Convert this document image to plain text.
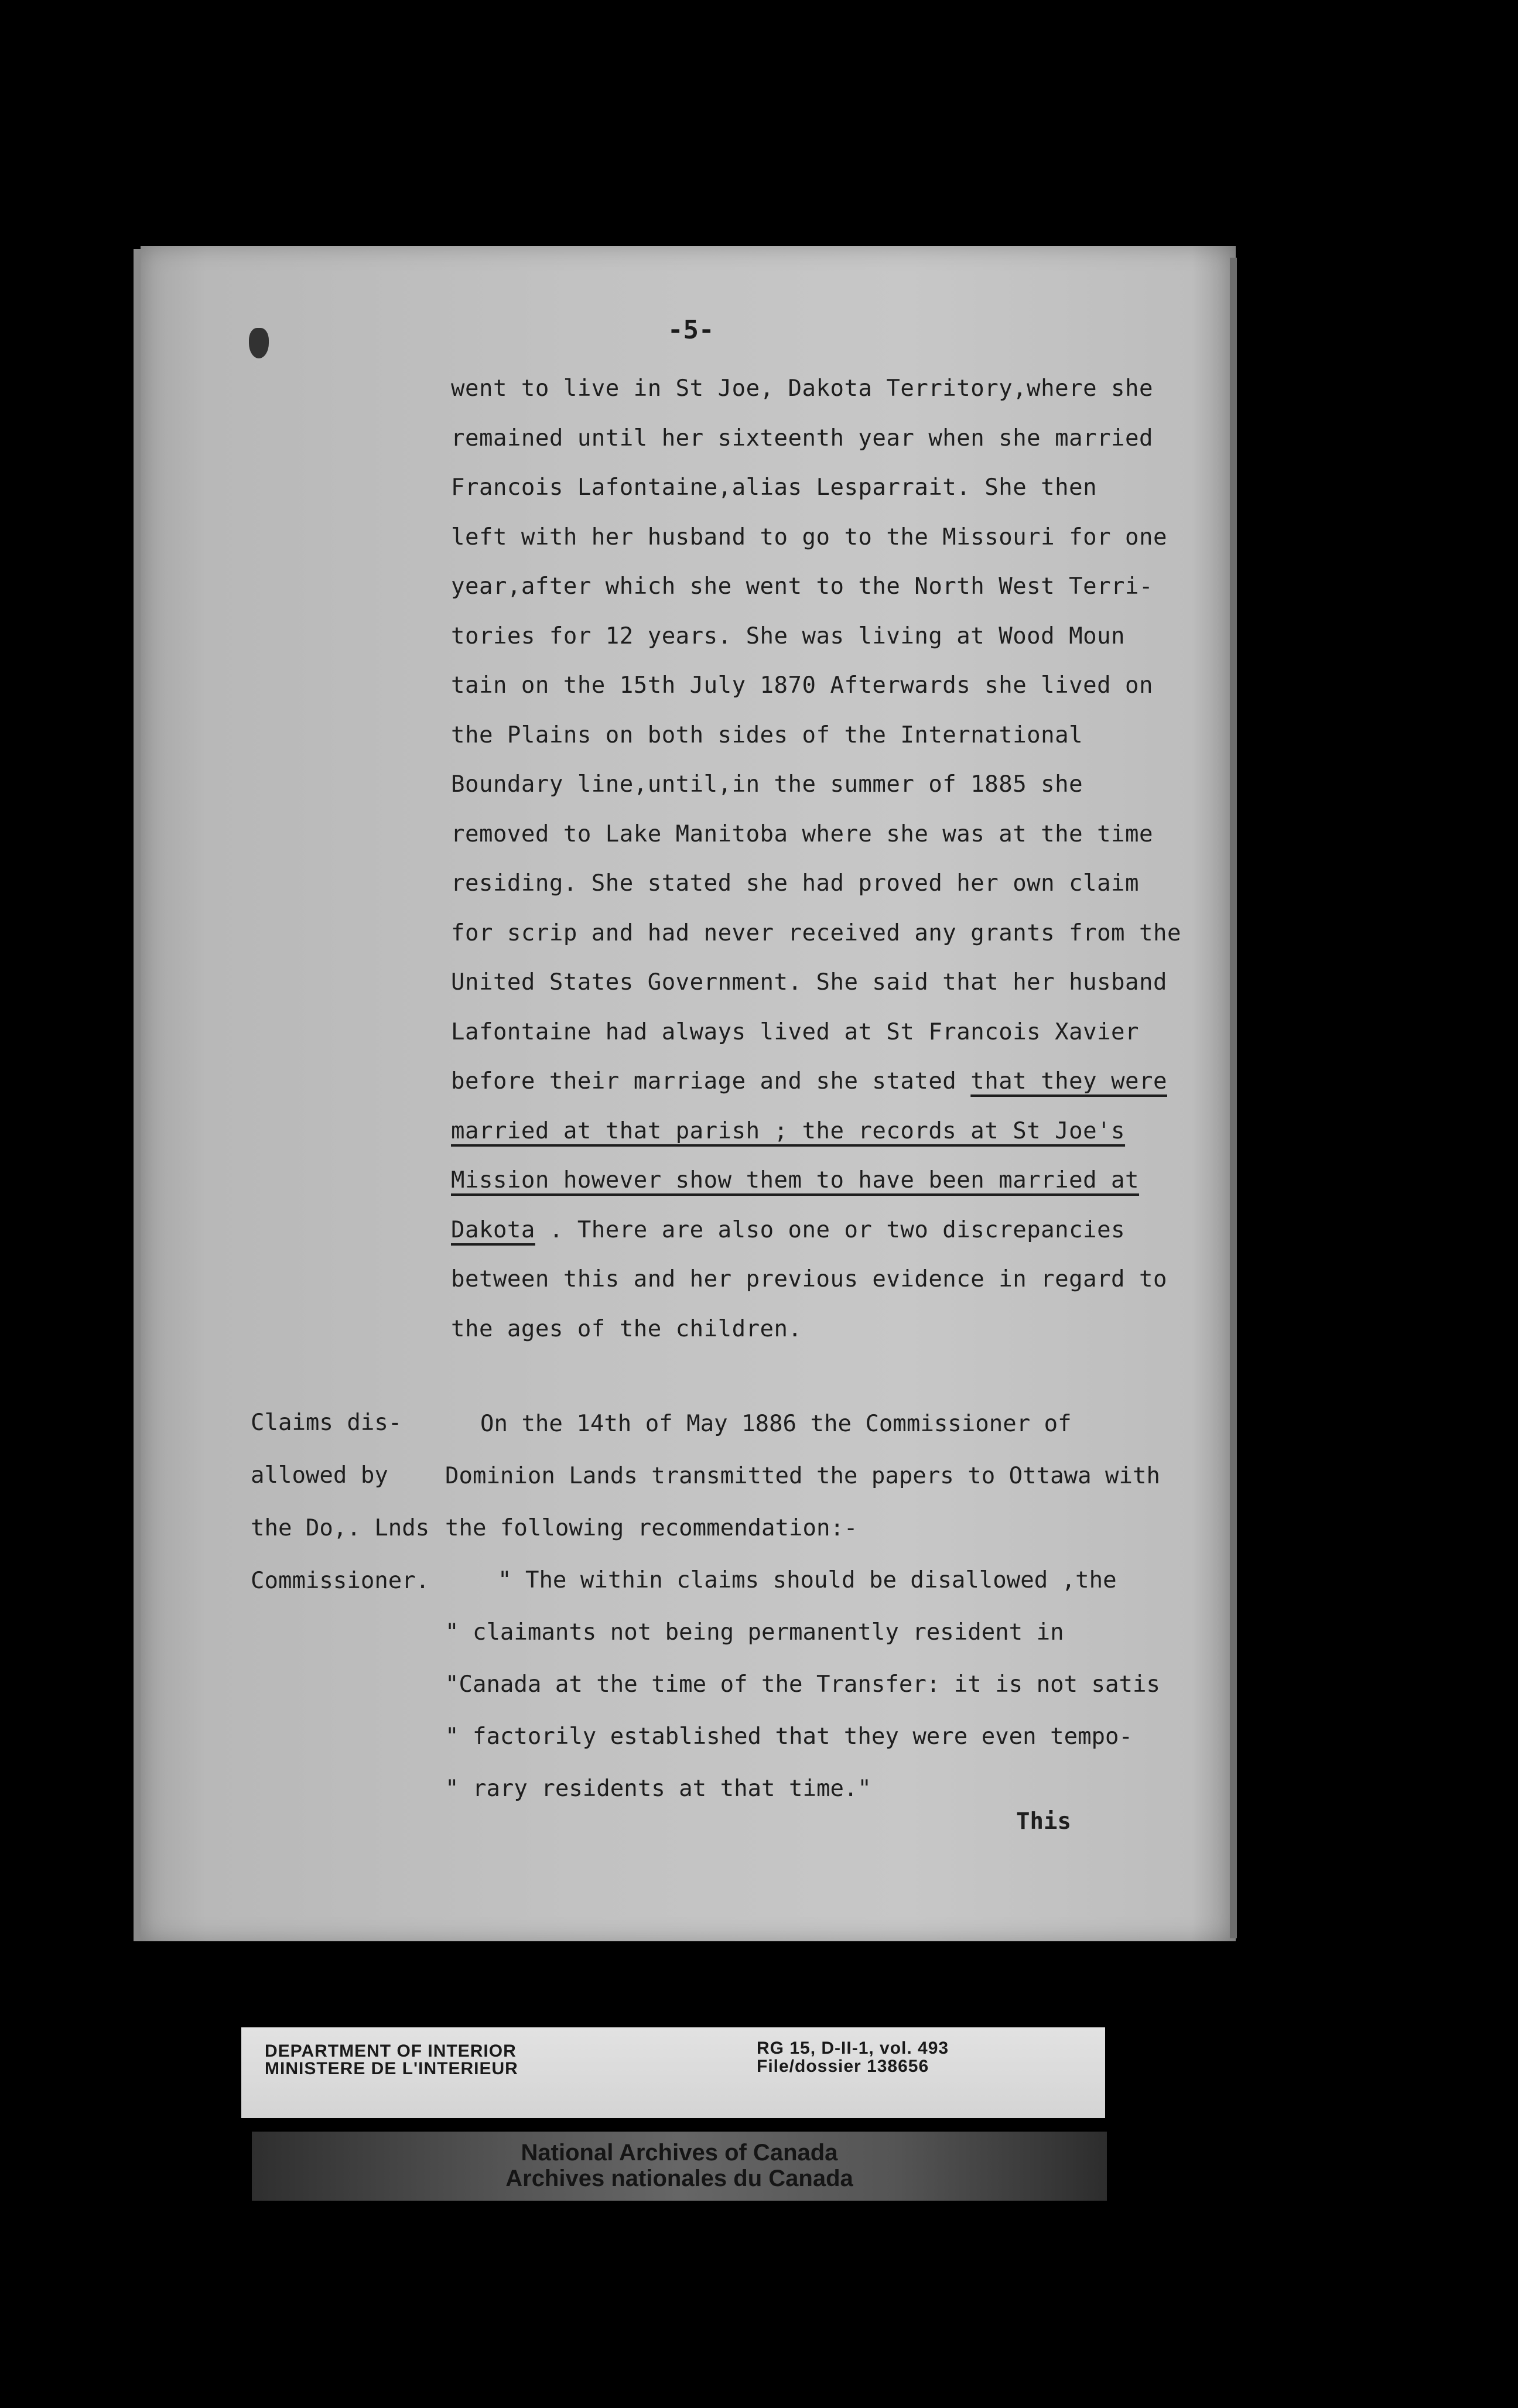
-5-
went to live in St Joe, Dakota Territory,where she
remained until her sixteenth year when she married
Francois Lafontaine,alias Lesparrait. She then
left with her husband to go to the Missouri for one
year,after which she went to the North West Terri-
tories for 12 years. She was living at Wood Moun
tain on the 15th July 1870 Afterwards she lived on
the Plains on both sides of the International
Boundary line,until,in the summer of 1885 she
removed to Lake Manitoba where she was at the time
residing. She stated she had proved her own claim
for scrip and had never received any grants from the
United States Government. She said that her husband
Lafontaine had always lived at St Francois Xavier
before their marriage and she stated that they were
married at that parish ; the records at St Joe's
Mission however show them to have been married at
Dakota . There are also one or two discrepancies
between this and her previous evidence in regard to
the ages of the children.
Claims dis-
allowed by
the Do,. Lnds
Commissioner.
On the 14th of May 1886 the Commissioner of
Dominion Lands transmitted the papers to Ottawa with
the following recommendation:-
" The within claims should be disallowed ,the
" claimants not being permanently resident in
"Canada at the time of the Transfer: it is not satis
" factorily established that they were even tempo-
" rary residents at that time."
This
DEPARTMENT OF INTERIOR
MINISTERE DE L'INTERIEUR
RG 15, D-II-1, vol. 493
File/dossier 138656
National Archives of Canada
Archives nationales du Canada
